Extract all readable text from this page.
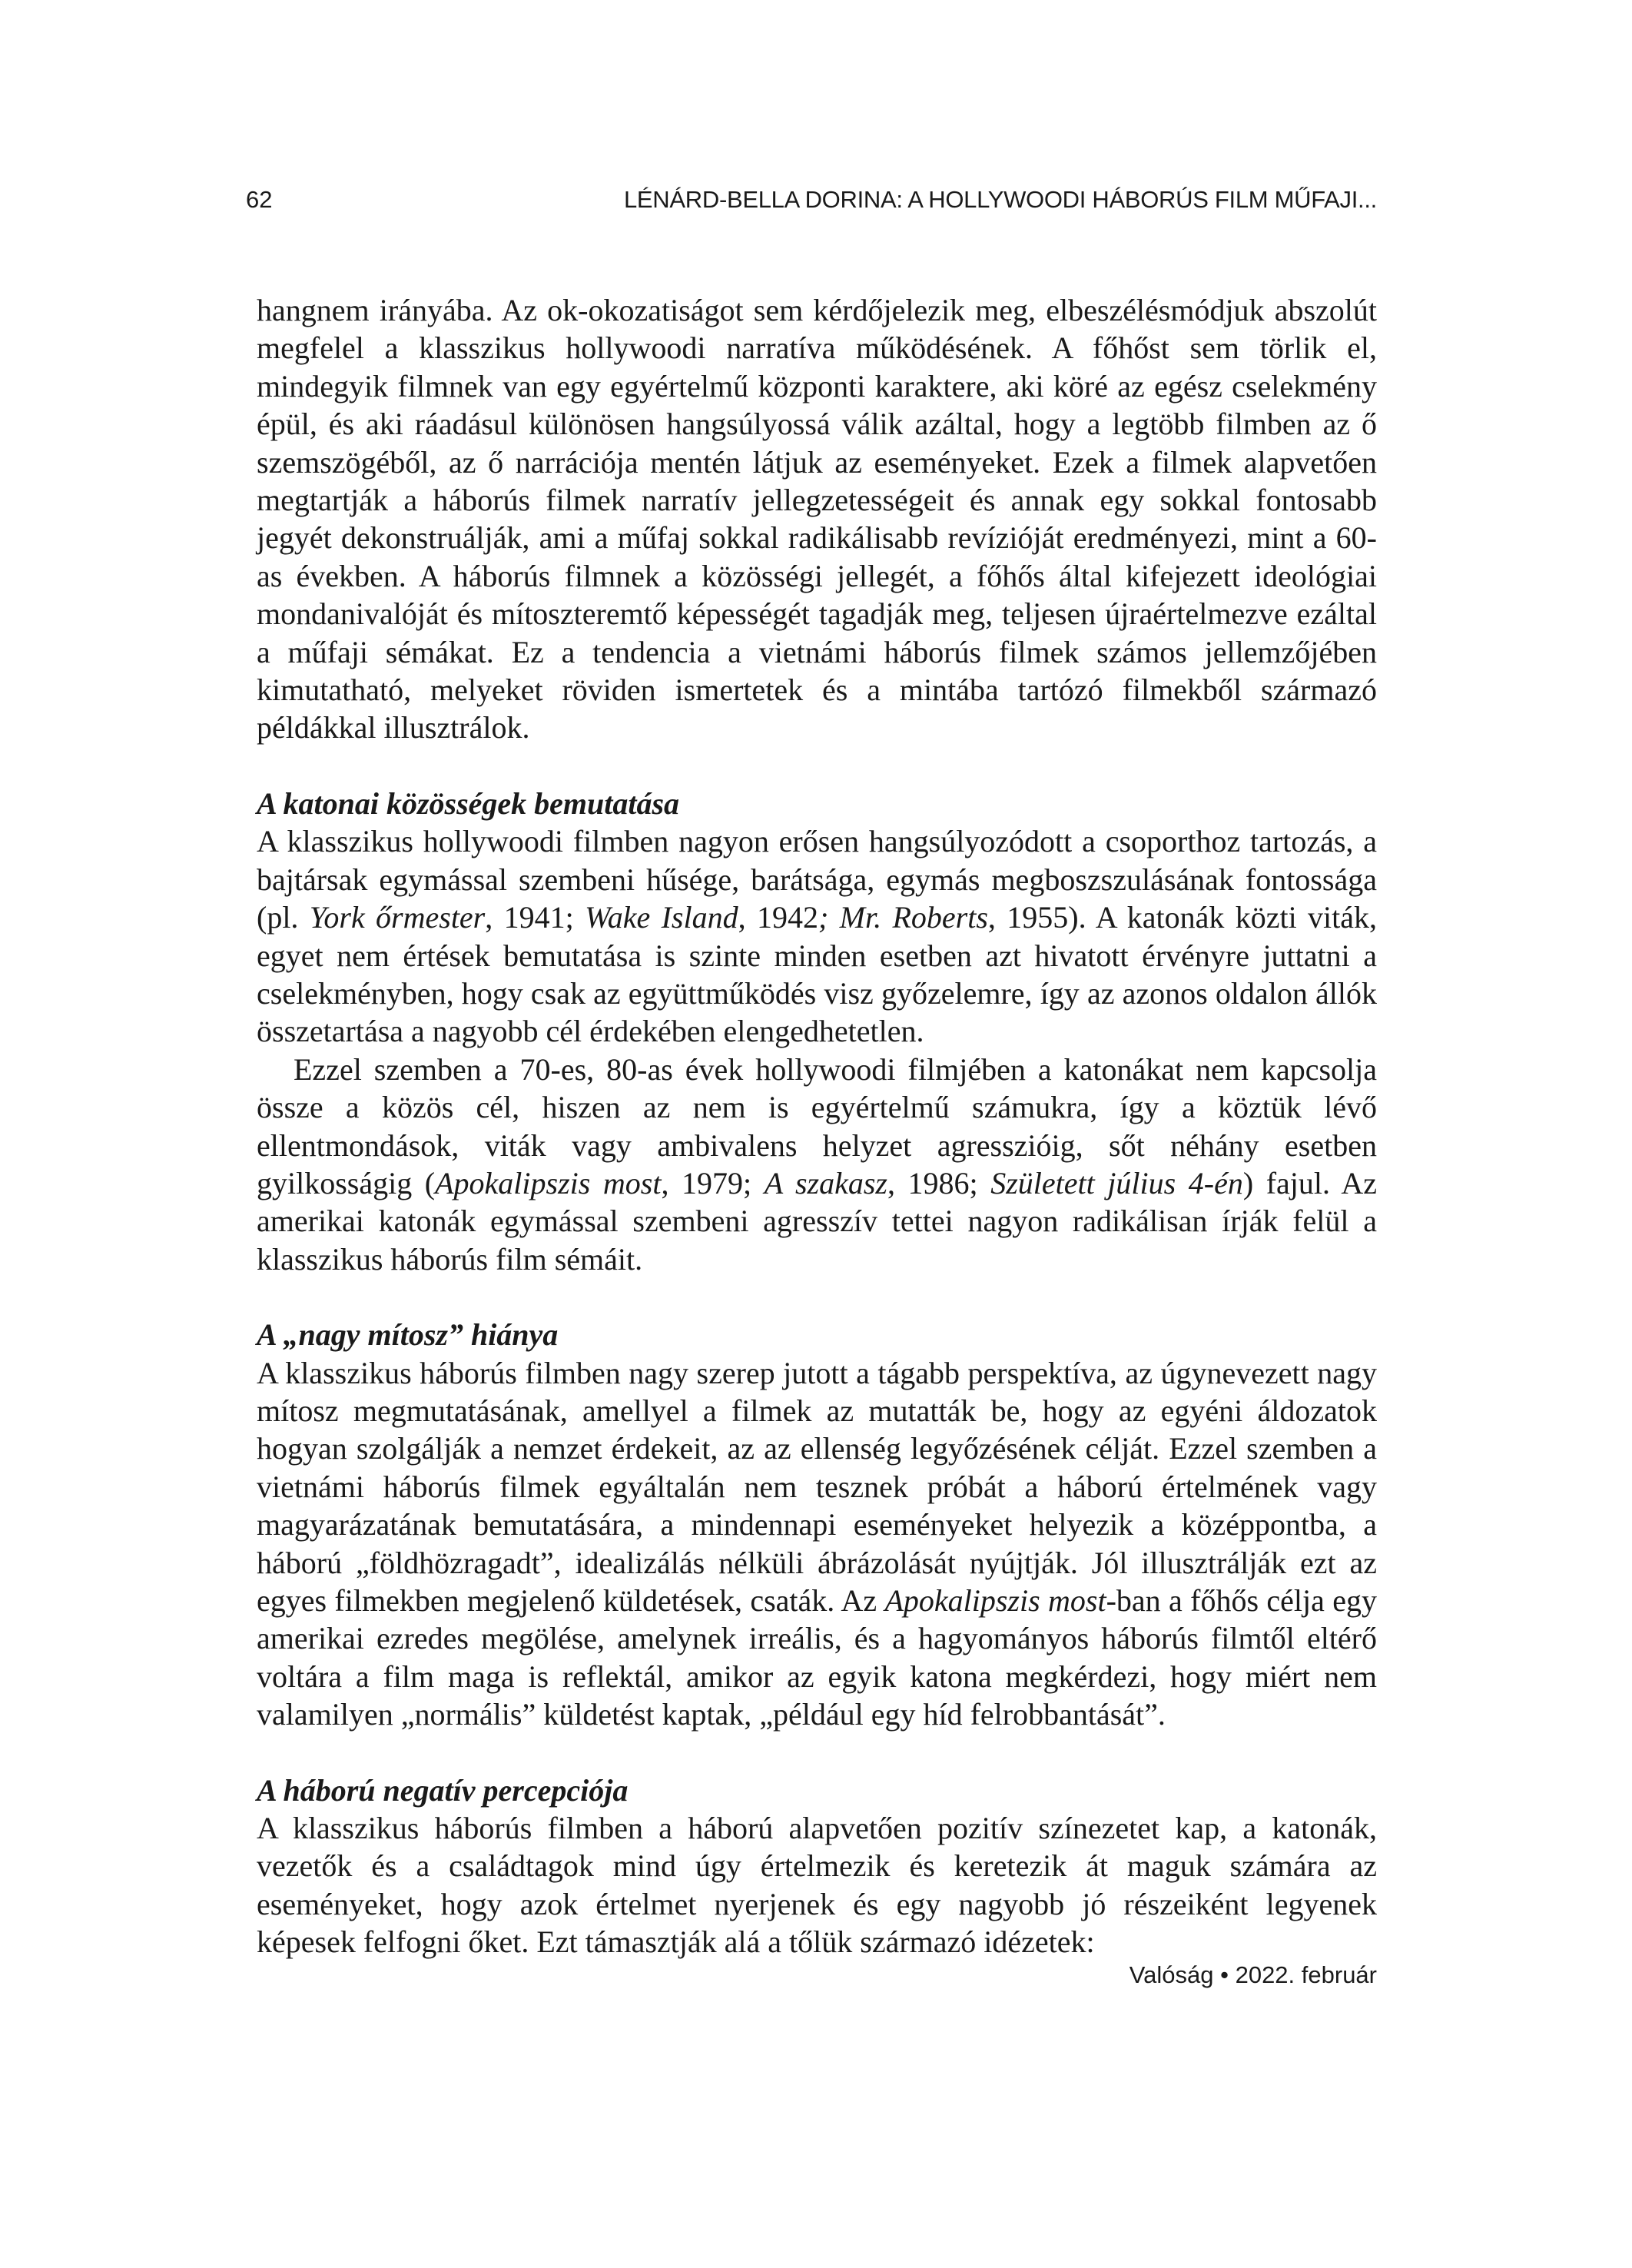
62	LÉNÁRD-BELLA DORINA: A HOLLYWOODI HÁBORÚS FILM MŰFAJI...

hangnem irányába. Az ok-okozatiságot sem kérdőjelezik meg, elbeszélésmódjuk abszolút megfelel a klasszikus hollywoodi narratíva működésének. A főhőst sem törlik el, mindegyik filmnek van egy egyértelmű központi karaktere, aki köré az egész cselekmény épül, és aki ráadásul különösen hangsúlyossá válik azáltal, hogy a legtöbb filmben az ő szemszögéből, az ő narrációja mentén látjuk az eseményeket. Ezek a filmek alapvetően megtartják a háborús filmek narratív jellegzetességeit és annak egy sokkal fontosabb jegyét dekonstruálják, ami a műfaj sokkal radikálisabb revízióját eredményezi, mint a 60-as években. A háborús filmnek a közösségi jellegét, a főhős által kifejezett ideológiai mondanivalóját és mítoszteremtő képességét tagadják meg, teljesen újraértelmezve ezáltal a műfaji sémákat. Ez a tendencia a vietnámi háborús filmek számos jellemzőjében kimutatható, melyeket röviden ismertetek és a mintába tartózó filmekből származó példákkal illusztrálok.

A katonai közösségek bemutatása

A klasszikus hollywoodi filmben nagyon erősen hangsúlyozódott a csoporthoz tartozás, a bajtársak egymással szembeni hűsége, barátsága, egymás megboszszulásának fontossága (pl. York őrmester, 1941; Wake Island, 1942; Mr. Roberts, 1955). A katonák közti viták, egyet nem értések bemutatása is szinte minden esetben azt hivatott érvényre juttatni a cselekményben, hogy csak az együttműködés visz győzelemre, így az azonos oldalon állók összetartása a nagyobb cél érdekében elengedhetetlen.

Ezzel szemben a 70-es, 80-as évek hollywoodi filmjében a katonákat nem kapcsolja össze a közös cél, hiszen az nem is egyértelmű számukra, így a köztük lévő ellentmondások, viták vagy ambivalens helyzet agresszióig, sőt néhány esetben gyilkosságig (Apokalipszis most, 1979; A szakasz, 1986; Született július 4-én) fajul. Az amerikai katonák egymással szembeni agresszív tettei nagyon radikálisan írják felül a klasszikus háborús film sémáit.

A „nagy mítosz” hiánya

A klasszikus háborús filmben nagy szerep jutott a tágabb perspektíva, az úgynevezett nagy mítosz megmutatásának, amellyel a filmek az mutatták be, hogy az egyéni áldozatok hogyan szolgálják a nemzet érdekeit, az az ellenség legyőzésének célját. Ezzel szemben a vietnámi háborús filmek egyáltalán nem tesznek próbát a háború értelmének vagy magyarázatának bemutatására, a mindennapi eseményeket helyezik a középpontba, a háború „földhözragadt”, idealizálás nélküli ábrázolását nyújtják. Jól illusztrálják ezt az egyes filmekben megjelenő küldetések, csaták. Az Apokalipszis most-ban a főhős célja egy amerikai ezredes megölése, amelynek irreális, és a hagyományos háborús filmtől eltérő voltára a film maga is reflektál, amikor az egyik katona megkérdezi, hogy miért nem valamilyen „normális” küldetést kaptak, „például egy híd felrobbantását”.

A háború negatív percepciója

A klasszikus háborús filmben a háború alapvetően pozitív színezetet kap, a katonák, vezetők és a családtagok mind úgy értelmezik és keretezik át maguk számára az eseményeket, hogy azok értelmet nyerjenek és egy nagyobb jó részeiként legyenek képesek felfogni őket. Ezt támasztják alá a tőlük származó idézetek:

Valóság • 2022. február
